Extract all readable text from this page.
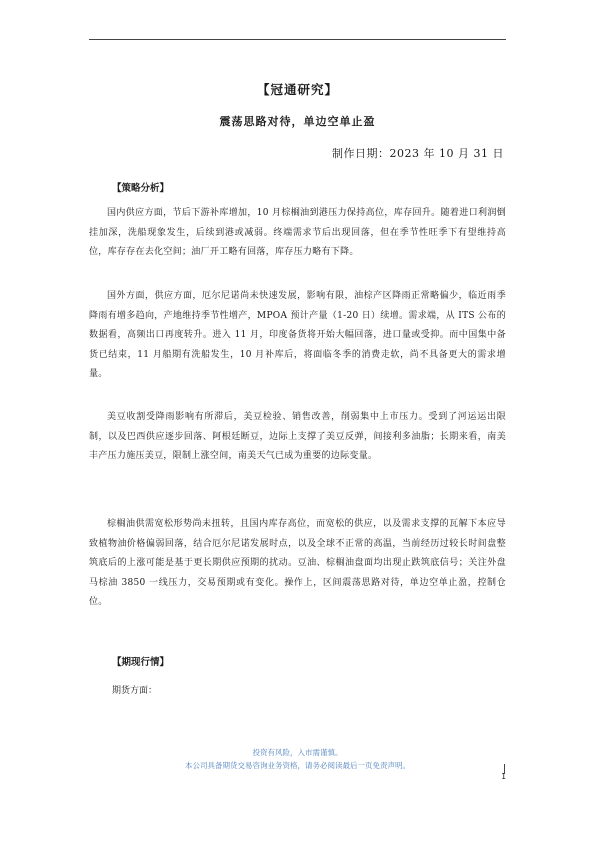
【冠通研究】
震荡思路对待，单边空单止盈
制作日期：2023 年 10 月 31 日
【策略分析】
国内供应方面，节后下游补库增加，10 月棕榈油到港压力保持高位，库存回升。随着进口利润倒挂加深，洗船现象发生，后续到港或减弱。终端需求节后出现回落，但在季节性旺季下有望维持高位，库存存在去化空间；油厂开工略有回落，库存压力略有下降。
国外方面，供应方面，厄尔尼诺尚未快速发展，影响有限，油棕产区降雨正常略偏少，临近雨季降雨有增多趋向，产地维持季节性增产，MPOA 预计产量（1-20 日）续增。需求端，从 ITS 公布的数据看，高频出口再度转升。进入 11 月，印度备货将开始大幅回落，进口量或受抑。而中国集中备货已结束，11 月船期有洗船发生，10 月补库后，将面临冬季的消费走软，尚不具备更大的需求增量。
美豆收割受降雨影响有所滞后，美豆检验、销售改善，削弱集中上市压力。受到了河运运出限制，以及巴西供应逐步回落、阿根廷断豆，边际上支撑了美豆反弹，间接利多油脂；长期来看，南美丰产压力施压美豆，限制上涨空间，南美天气已成为重要的边际变量。
棕榈油供需宽松形势尚未扭转，且国内库存高位，而宽松的供应，以及需求支撑的瓦解下本应导致植物油价格偏弱回落，结合厄尔尼诺发展时点，以及全球不正常的高温，当前经历过较长时间盘整筑底后的上涨可能是基于更长期供应预期的扰动。豆油、棕榈油盘面均出现止跌筑底信号；关注外盘马棕油 3850 一线压力，交易预期或有变化。操作上，区间震荡思路对待，单边空单止盈，控制仓位。
【期现行情】
期货方面：
投资有风险，入市需谨慎。
本公司具备期货交易咨询业务资格，请务必阅读最后一页免责声明。
1
